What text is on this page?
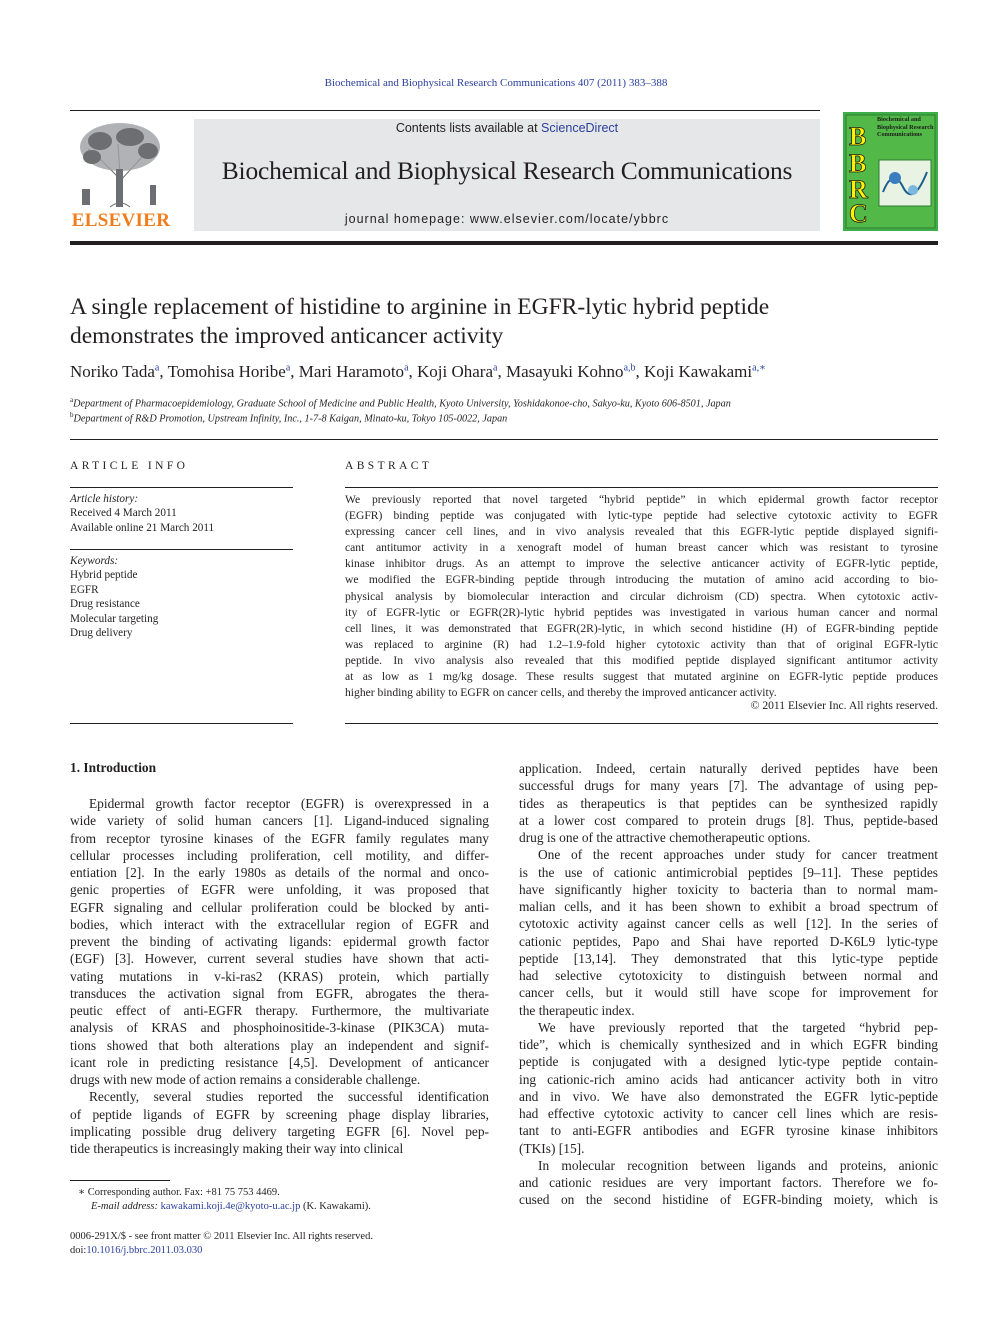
Biochemical and Biophysical Research Communications 407 (2011) 383–388
ELSEVIER
Contents lists available at ScienceDirect
Biochemical and Biophysical Research Communications
journal homepage: www.elsevier.com/locate/ybbrc
B
B
R
C
Biochemical and Biophysical Research Communications
A single replacement of histidine to arginine in EGFR-lytic hybrid peptide
demonstrates the improved anticancer activity
Noriko Tada$^a$, Tomohisa Horibe$^a$, Mari Haramoto$^a$, Koji Ohara$^a$, Masayuki Kohno$^{a,b}$, Koji Kawakami$^{a,∗}$
$^a$Department of Pharmacoepidemiology, Graduate School of Medicine and Public Health, Kyoto University, Yoshidakonoe-cho, Sakyo-ku, Kyoto 606-8501, Japan
$^b$Department of R&D Promotion, Upstream Infinity, Inc., 1-7-8 Kaigan, Minato-ku, Tokyo 105-0022, Japan
ARTICLE INFO
Article history:
Received 4 March 2011
Available online 21 March 2011
Keywords:
Hybrid peptide
EGFR
Drug resistance
Molecular targeting
Drug delivery
ABSTRACT
We previously reported that novel targeted “hybrid peptide” in which epidermal growth factor receptor
(EGFR) binding peptide was conjugated with lytic-type peptide had selective cytotoxic activity to EGFR
expressing cancer cell lines, and in vivo analysis revealed that this EGFR-lytic peptide displayed signifi-
cant antitumor activity in a xenograft model of human breast cancer which was resistant to tyrosine
kinase inhibitor drugs. As an attempt to improve the selective anticancer activity of EGFR-lytic peptide,
we modified the EGFR-binding peptide through introducing the mutation of amino acid according to bio-
physical analysis by biomolecular interaction and circular dichroism (CD) spectra. When cytotoxic activ-
ity of EGFR-lytic or EGFR(2R)-lytic hybrid peptides was investigated in various human cancer and normal
cell lines, it was demonstrated that EGFR(2R)-lytic, in which second histidine (H) of EGFR-binding peptide
was replaced to arginine (R) had 1.2–1.9-fold higher cytotoxic activity than that of original EGFR-lytic
peptide. In vivo analysis also revealed that this modified peptide displayed significant antitumor activity
at as low as 1 mg/kg dosage. These results suggest that mutated arginine on EGFR-lytic peptide produces
higher binding ability to EGFR on cancer cells, and thereby the improved anticancer activity.
© 2011 Elsevier Inc. All rights reserved.
1. Introduction
Epidermal growth factor receptor (EGFR) is overexpressed in a
wide variety of solid human cancers [1]. Ligand-induced signaling
from receptor tyrosine kinases of the EGFR family regulates many
cellular processes including proliferation, cell motility, and differ-
entiation [2]. In the early 1980s as details of the normal and onco-
genic properties of EGFR were unfolding, it was proposed that
EGFR signaling and cellular proliferation could be blocked by anti-
bodies, which interact with the extracellular region of EGFR and
prevent the binding of activating ligands: epidermal growth factor
(EGF) [3]. However, current several studies have shown that acti-
vating mutations in v-ki-ras2 (KRAS) protein, which partially
transduces the activation signal from EGFR, abrogates the thera-
peutic effect of anti-EGFR therapy. Furthermore, the multivariate
analysis of KRAS and phosphoinositide-3-kinase (PIK3CA) muta-
tions showed that both alterations play an independent and signif-
icant role in predicting resistance [4,5]. Development of anticancer
drugs with new mode of action remains a considerable challenge.
Recently, several studies reported the successful identification
of peptide ligands of EGFR by screening phage display libraries,
implicating possible drug delivery targeting EGFR [6]. Novel pep-
tide therapeutics is increasingly making their way into clinical
application. Indeed, certain naturally derived peptides have been
successful drugs for many years [7]. The advantage of using pep-
tides as therapeutics is that peptides can be synthesized rapidly
at a lower cost compared to protein drugs [8]. Thus, peptide-based
drug is one of the attractive chemotherapeutic options.
One of the recent approaches under study for cancer treatment
is the use of cationic antimicrobial peptides [9–11]. These peptides
have significantly higher toxicity to bacteria than to normal mam-
malian cells, and it has been shown to exhibit a broad spectrum of
cytotoxic activity against cancer cells as well [12]. In the series of
cationic peptides, Papo and Shai have reported D-K6L9 lytic-type
peptide [13,14]. They demonstrated that this lytic-type peptide
had selective cytotoxicity to distinguish between normal and
cancer cells, but it would still have scope for improvement for
the therapeutic index.
We have previously reported that the targeted “hybrid pep-
tide”, which is chemically synthesized and in which EGFR binding
peptide is conjugated with a designed lytic-type peptide contain-
ing cationic-rich amino acids had anticancer activity both in vitro
and in vivo. We have also demonstrated the EGFR lytic-peptide
had effective cytotoxic activity to cancer cell lines which are resis-
tant to anti-EGFR antibodies and EGFR tyrosine kinase inhibitors
(TKIs) [15].
In molecular recognition between ligands and proteins, anionic
and cationic residues are very important factors. Therefore we fo-
cused on the second histidine of EGFR-binding moiety, which is
∗ Corresponding author. Fax: +81 75 753 4469.
E-mail address: kawakami.koji.4e@kyoto-u.ac.jp (K. Kawakami).
0006-291X/$ - see front matter © 2011 Elsevier Inc. All rights reserved.
doi:10.1016/j.bbrc.2011.03.030
